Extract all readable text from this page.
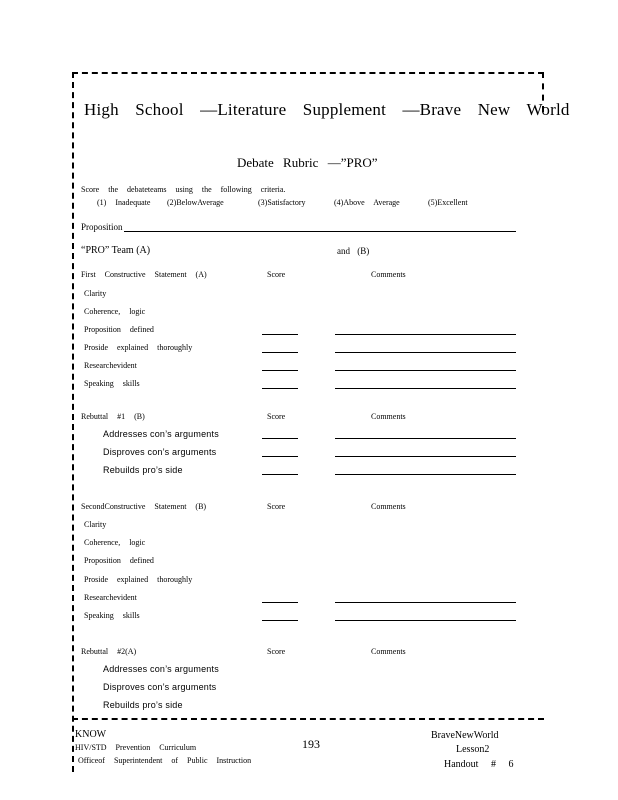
High School —Literature Supplement —Brave New World
Debate Rubric —”PRO”
Score the debateteams using the following criteria.
(1) Inadequate (2)BelowAverage	(3)Satisfactory	(4)Above Average	(5)Excellent
Proposition
“PRO” Team (A)	and (B)
First Constructive Statement (A)	Score	Comments
Clarity
Coherence, logic
Proposition defined
Proside explained thoroughly
Researchevident
Speaking skills
Rebuttal #1 (B)	Score	Comments
Addresses con’s arguments
Disproves con’s arguments
Rebuilds pro’s side
SecondConstructive Statement (B)	Score	Comments
Clarity
Coherence, logic
Proposition defined
Proside explained thoroughly
Researchevident
Speaking skills
Rebuttal #2(A)	Score	Comments
Addresses con’s arguments
Disproves con’s arguments
Rebuilds pro’s side
KNOW
HIV/STD Prevention Curriculum
Officeof Superintendent of Public Instruction
193
BraveNewWorld
Lesson2
Handout # 6
